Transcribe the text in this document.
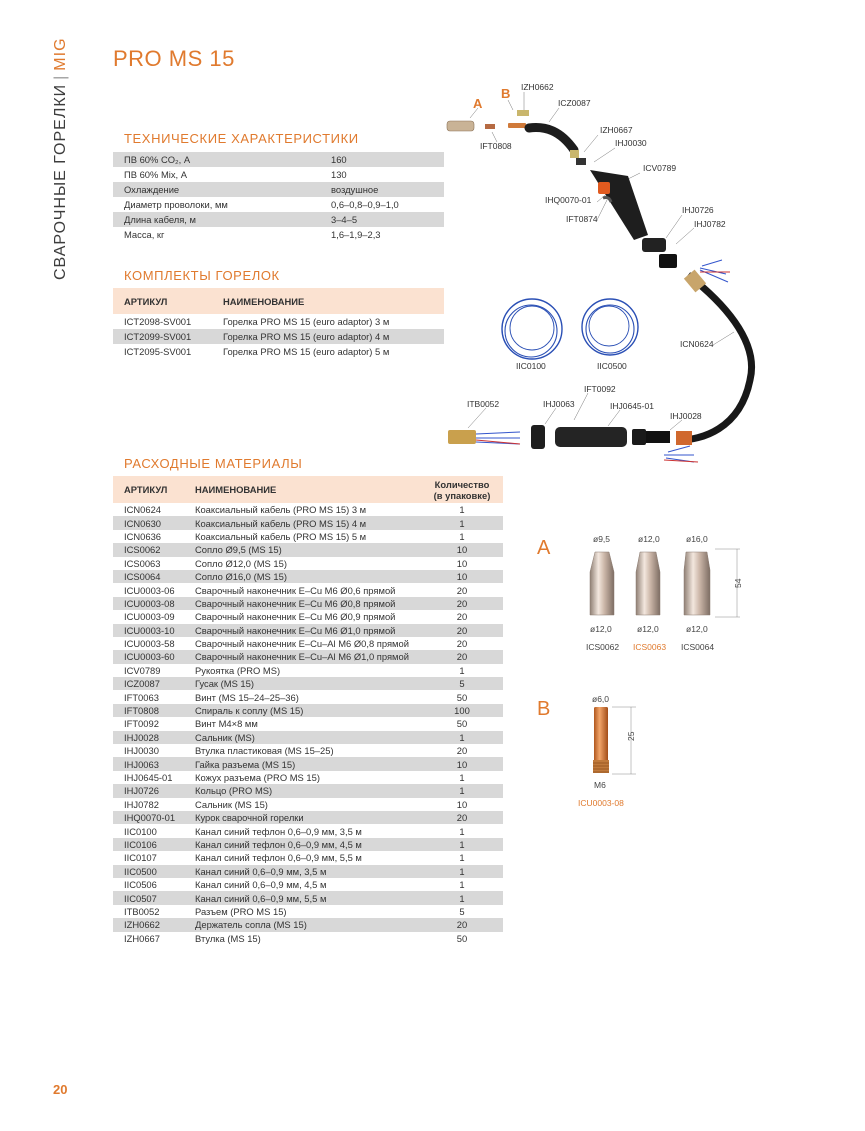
СВАРОЧНЫЕ ГОРЕЛКИ|MIG PRO MS 15
ТЕХНИЧЕСКИЕ ХАРАКТЕРИСТИКИ
ПВ 60% CO₂, А	160
ПВ 60% Mix, А	130
Охлаждение	воздушное
Диаметр проволоки, мм	0,6–0,8–0,9–1,0
Длина кабеля, м	3–4–5
Масса, кг	1,6–1,9–2,3
КОМПЛЕКТЫ ГОРЕЛОК
АРТИКУЛ	НАИМЕНОВАНИЕ
ICT2098-SV001	Горелка PRO MS 15 (euro adaptor) 3 м
ICT2099-SV001	Горелка PRO MS 15 (euro adaptor) 4 м
ICT2095-SV001	Горелка PRO MS 15 (euro adaptor) 5 м
РАСХОДНЫЕ МАТЕРИАЛЫ
АРТИКУЛ	НАИМЕНОВАНИЕ	Количество
(в упаковке)
ICN0624	Коаксиальный кабель (PRO MS 15) 3 м	1
ICN0630	Коаксиальный кабель (PRO MS 15) 4 м	1
ICN0636	Коаксиальный кабель (PRO MS 15) 5 м	1
ICS0062	Сопло Ø9,5 (MS 15)	10
ICS0063	Сопло Ø12,0 (MS 15)	10
ICS0064	Сопло Ø16,0 (MS 15)	10
ICU0003-06	Сварочный наконечник E–Cu M6 Ø0,6 прямой	20
ICU0003-08	Сварочный наконечник E–Cu M6 Ø0,8 прямой	20
ICU0003-09	Сварочный наконечник E–Cu M6 Ø0,9 прямой	20
ICU0003-10	Сварочный наконечник E–Cu M6 Ø1,0 прямой	20
ICU0003-58	Сварочный наконечник E–Cu–Al M6 Ø0,8 прямой	20
ICU0003-60	Сварочный наконечник E–Cu–Al M6 Ø1,0 прямой	20
ICV0789	Рукоятка (PRO MS)	1
ICZ0087	Гусак (MS 15)	5
IFT0063	Винт (MS 15–24–25–36)	50
IFT0808	Спираль к соплу (MS 15)	100
IFT0092	Винт M4×8 мм	50
IHJ0028	Сальник (MS)	1
IHJ0030	Втулка пластиковая (MS 15–25)	20
IHJ0063	Гайка разъема (MS 15)	10
IHJ0645-01	Кожух разъема (PRO MS 15)	1
IHJ0726	Кольцо (PRO MS)	1
IHJ0782	Сальник (MS 15)	10
IHQ0070-01	Курок сварочной горелки	20
IIC0100	Канал синий тефлон 0,6–0,9 мм, 3,5 м	1
IIC0106	Канал синий тефлон 0,6–0,9 мм, 4,5 м	1
IIC0107	Канал синий тефлон 0,6–0,9 мм, 5,5 м	1
IIC0500	Канал синий 0,6–0,9 мм, 3,5 м	1
IIC0506	Канал синий 0,6–0,9 мм, 4,5 м	1
IIC0507	Канал синий 0,6–0,9 мм, 5,5 м	1
ITB0052	Разъем (PRO MS 15)	5
IZH0662	Держатель сопла (MS 15)	20
IZH0667	Втулка (MS 15)	50
A
B IZH0662
ICZ0087
IFT0808
IZH0667
IHJ0030
ICV0789
IHQ0070-01
IFT0874
IHJ0726
IHJ0782
ICN0624
IIC0100	IIC0500
IFT0092
ITB0052	IHJ0063	IHJ0645-01
IHJ0028
A	ø9,5	ø12,0	ø16,0
54
ø12,0	ø12,0	ø12,0
ICS0062 ICS0063 ICS0064
B	ø6,0
25
M6
ICU0003-08
20
